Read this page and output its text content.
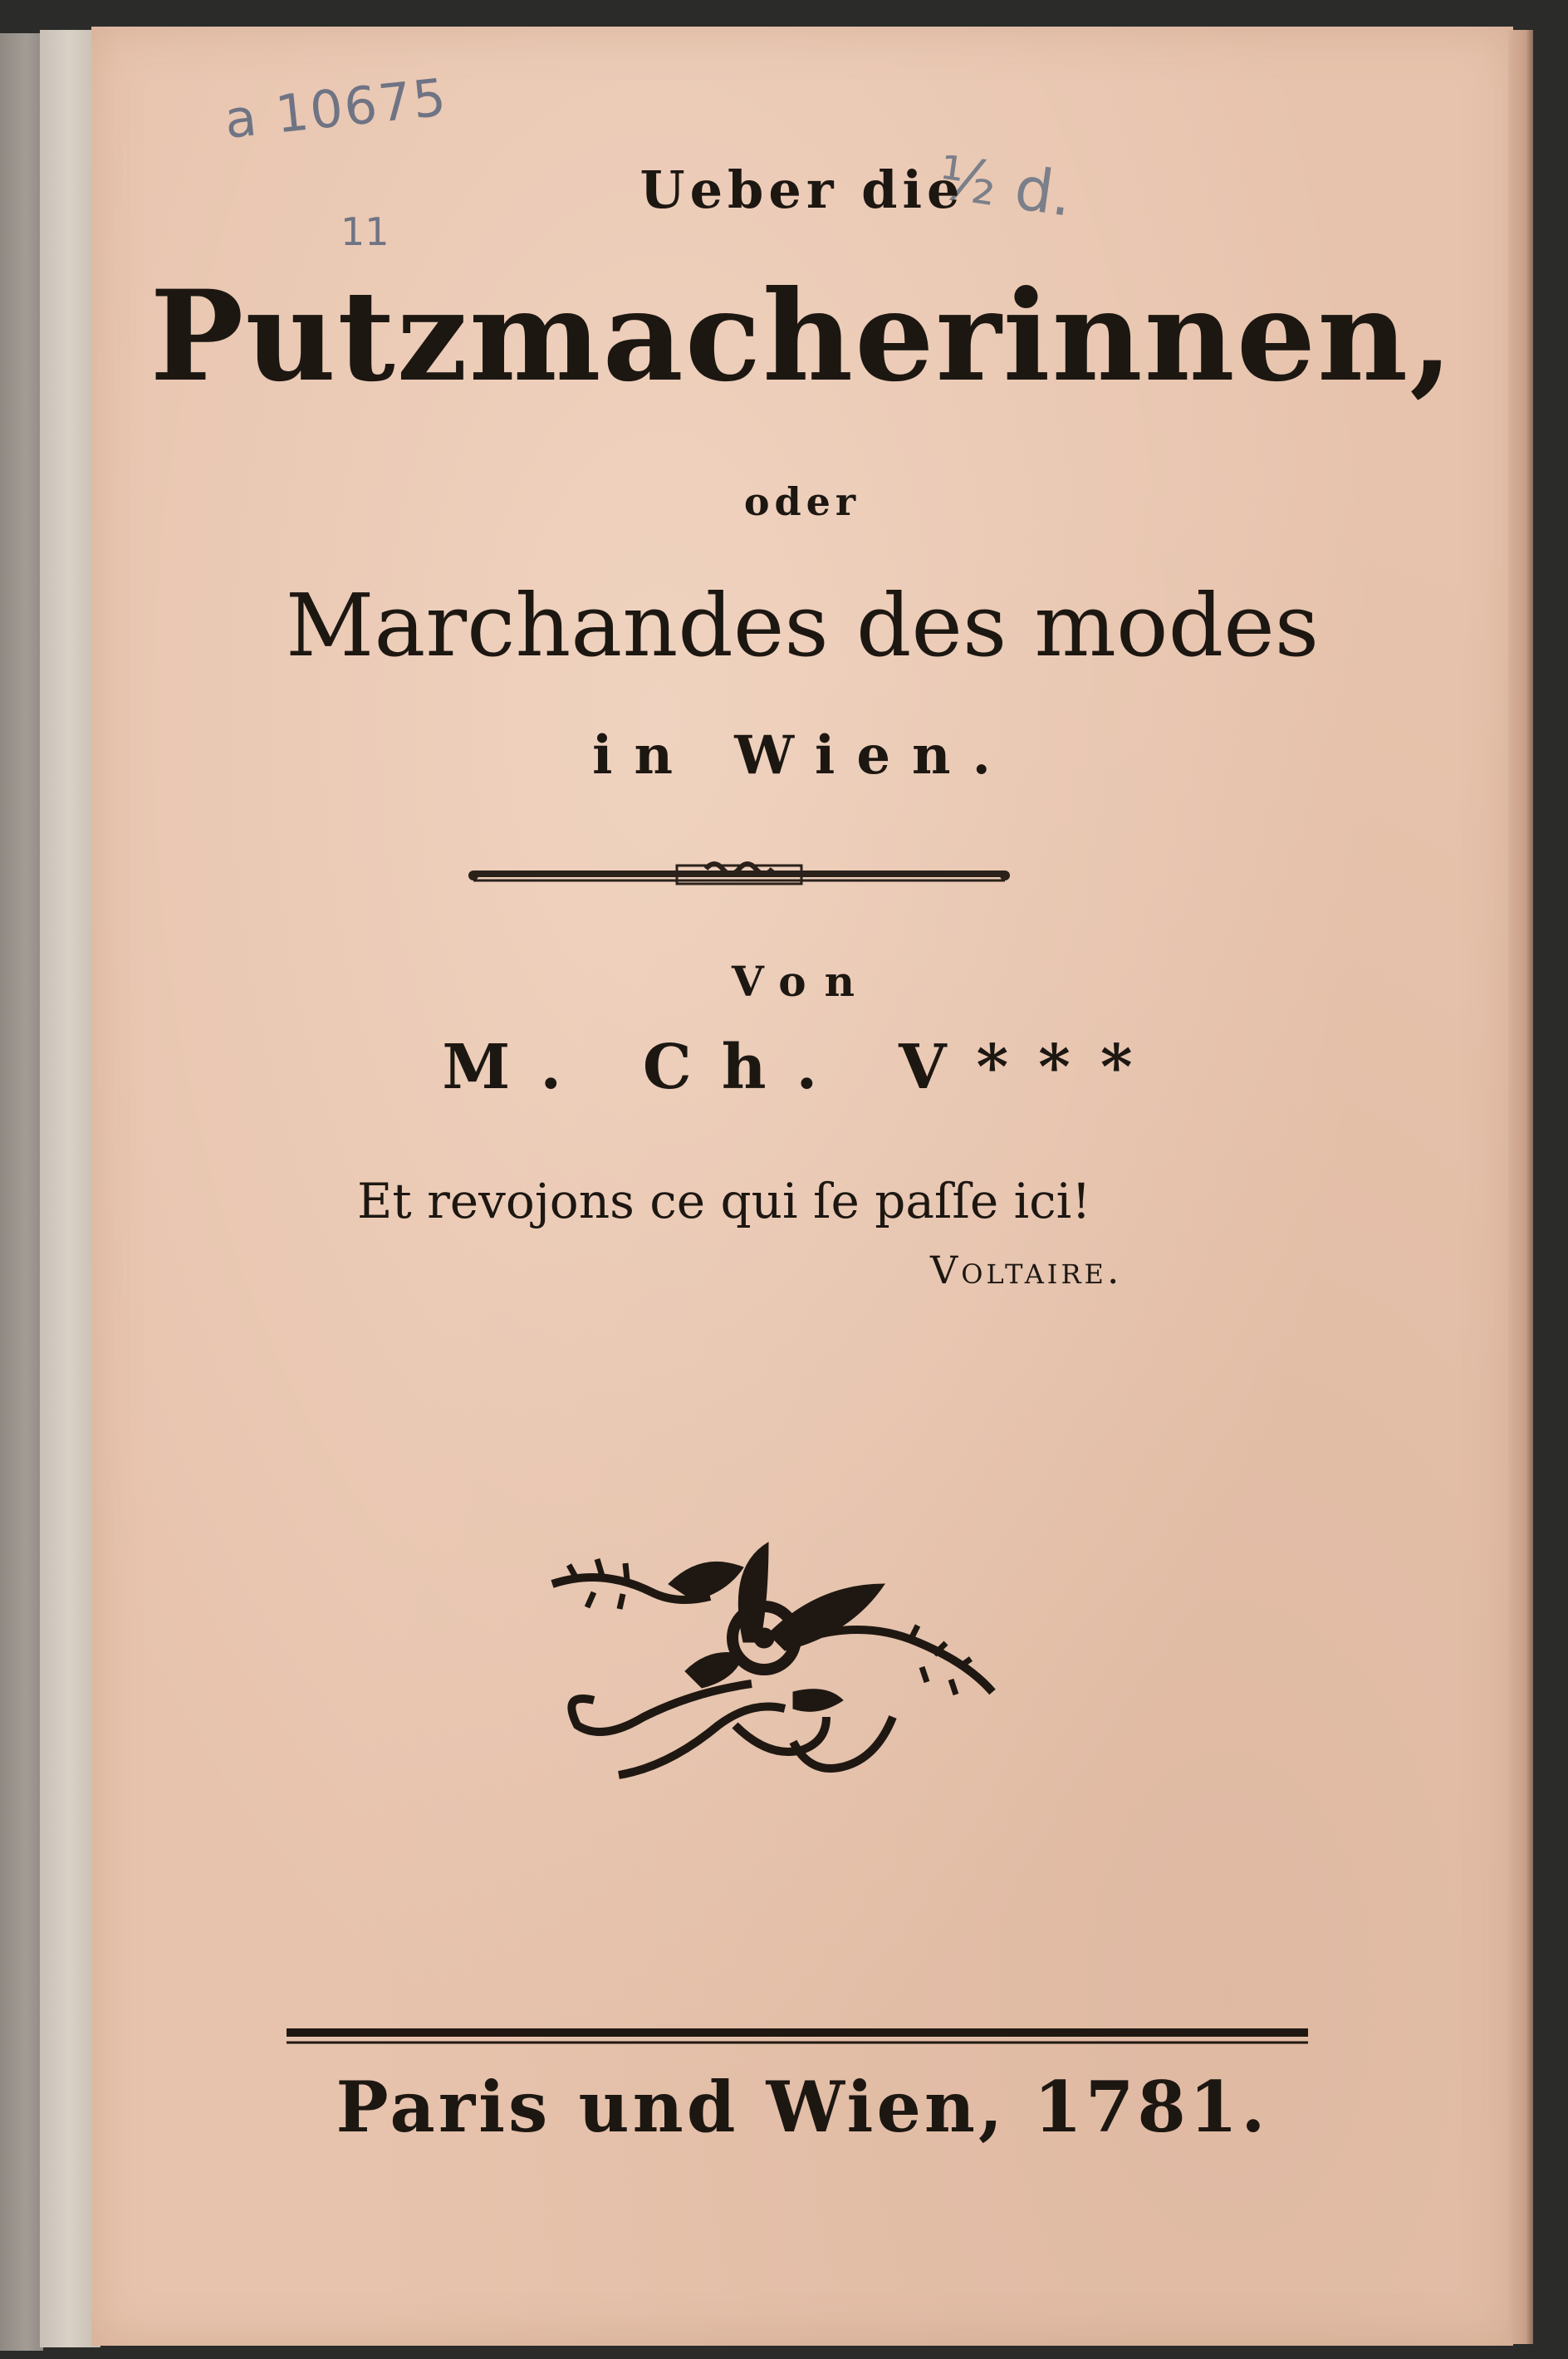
a 10675
11
½ d.
Ueber die
Putzmacherinnen,
oder
Marchandes des modes
in Wien.
Von
M. Ch. V***
Et revojons ce qui ſe paſſe ici!
Voltaire.
Paris und Wien, 1781.
